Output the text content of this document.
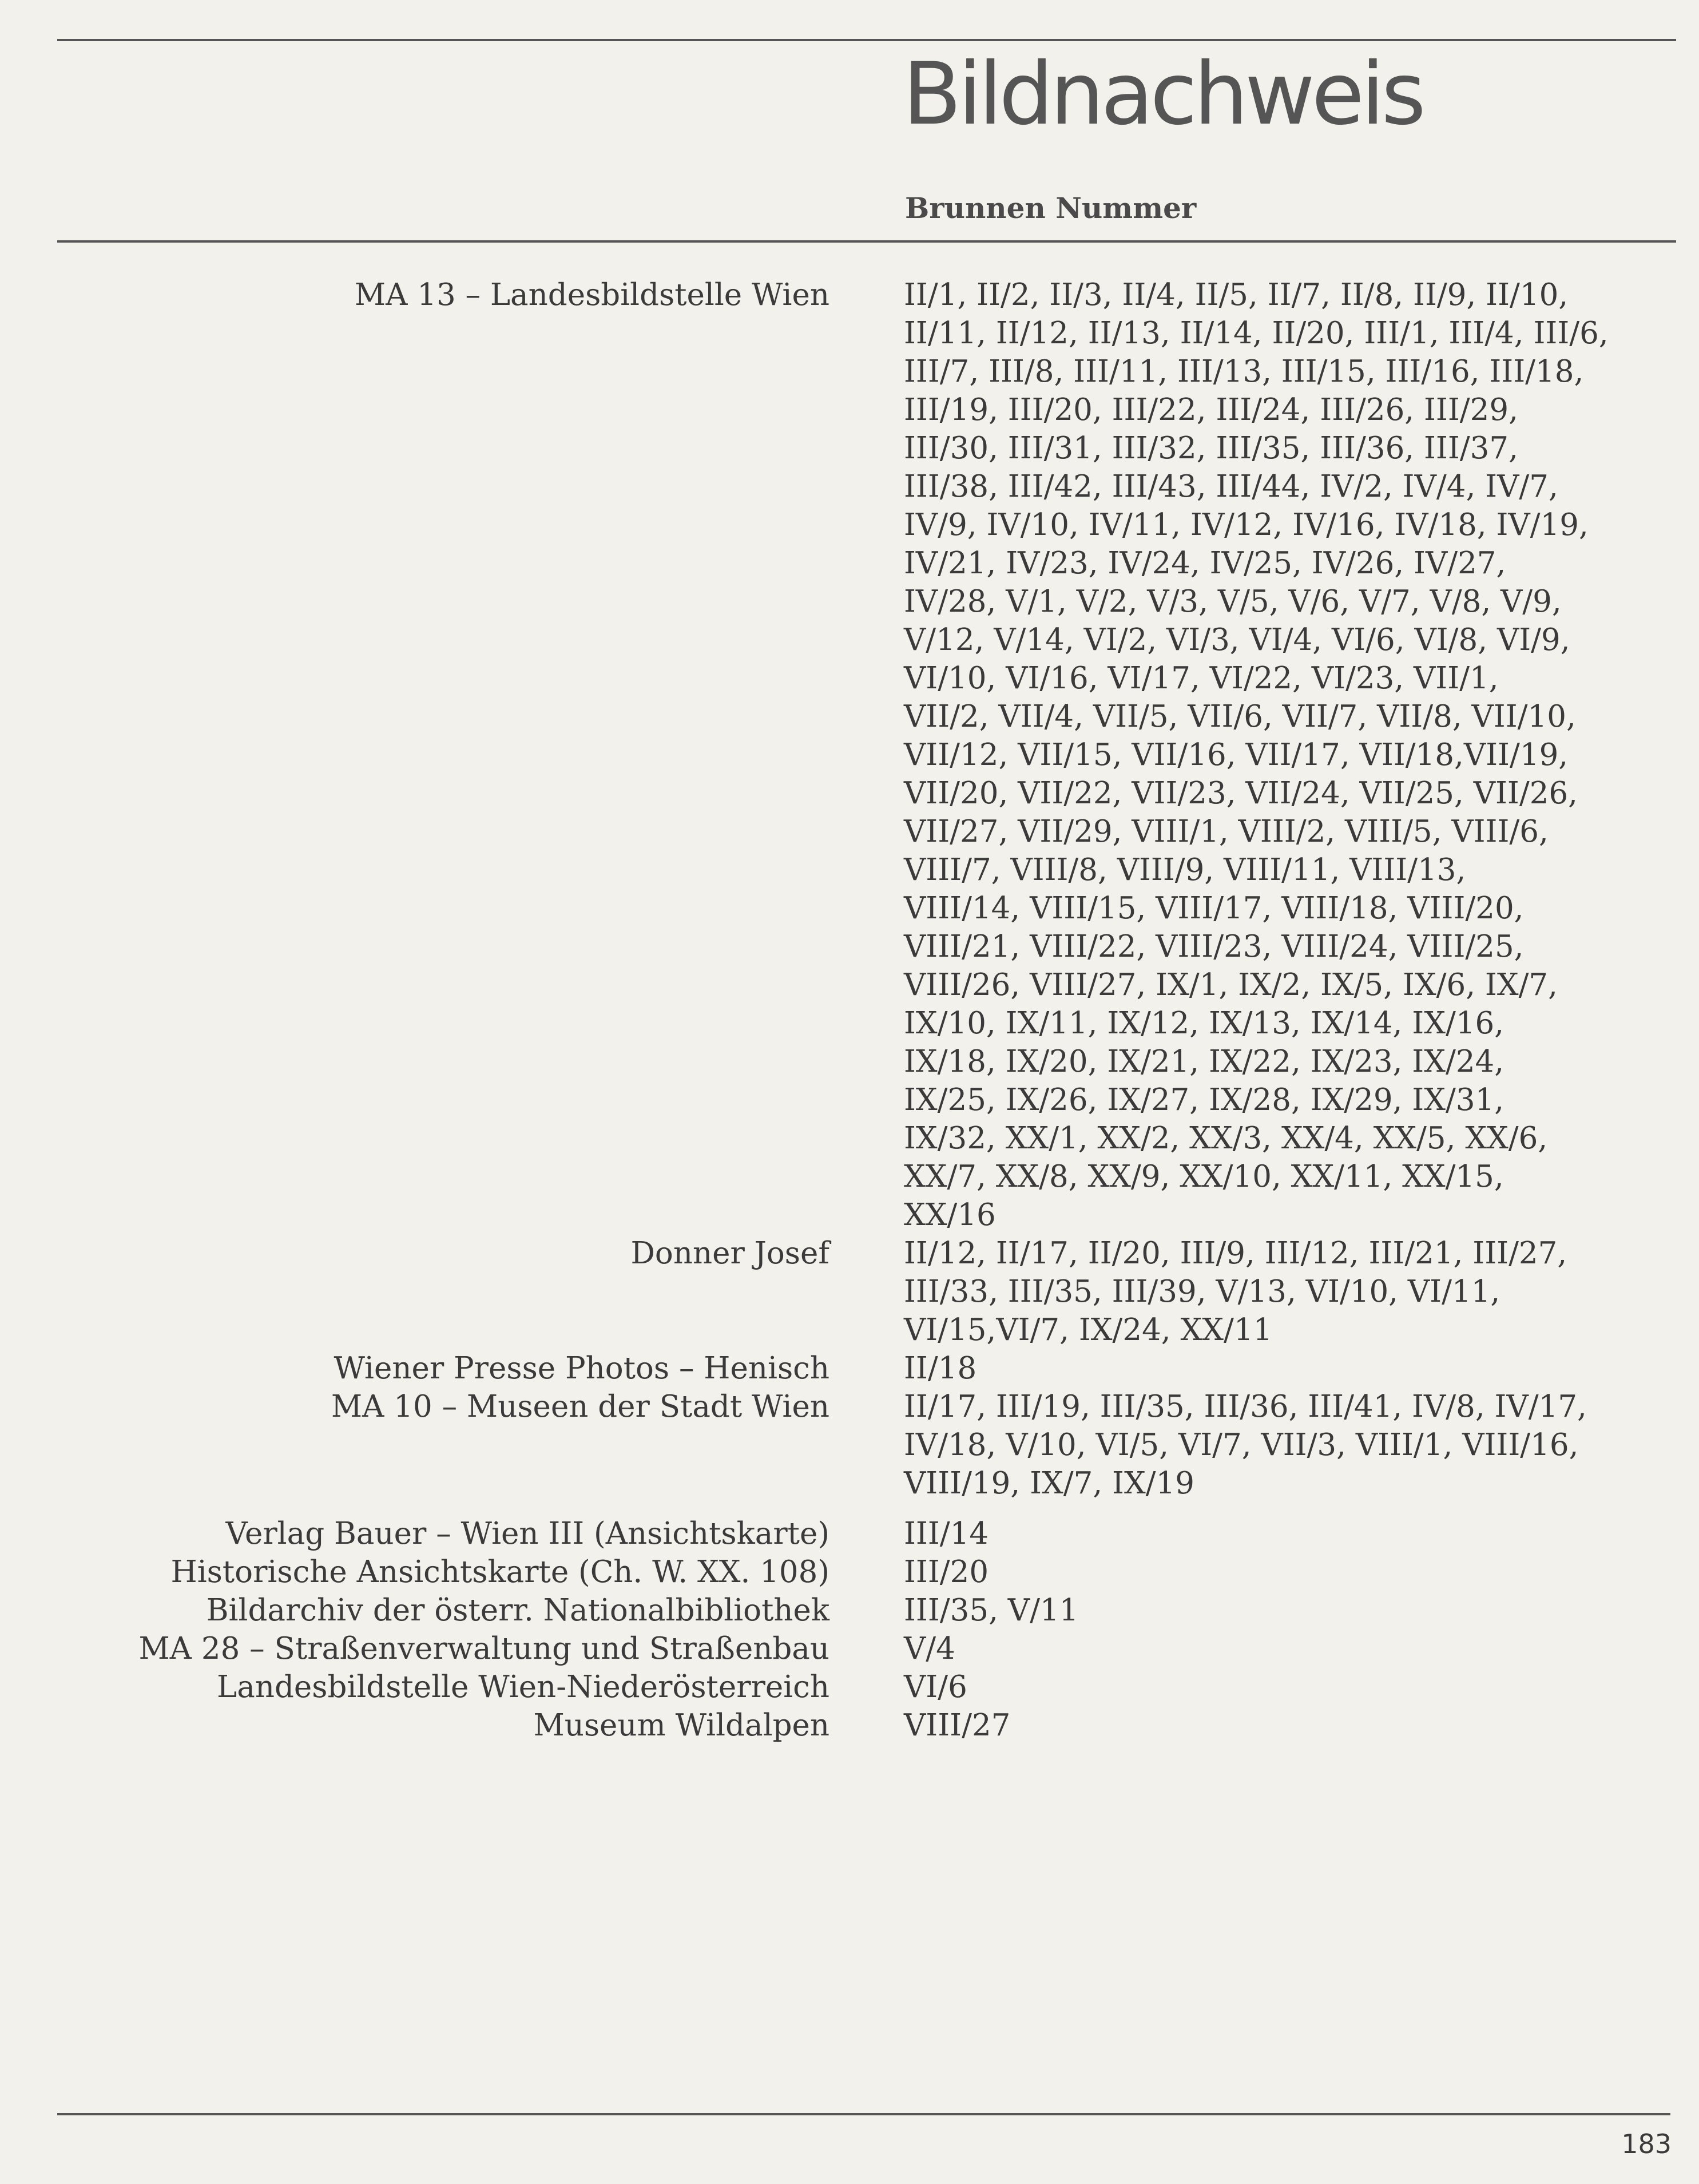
Bildnachweis
Brunnen Nummer
MA 13 – Landesbildstelle Wien II/1, II/2, II/3, II/4, II/5, II/7, II/8, II/9, II/10,
II/11, II/12, II/13, II/14, II/20, III/1, III/4, III/6,
III/7, III/8, III/11, III/13, III/15, III/16, III/18,
III/19, III/20, III/22, III/24, III/26, III/29,
III/30, III/31, III/32, III/35, III/36, III/37,
III/38, III/42, III/43, III/44, IV/2, IV/4, IV/7,
IV/9, IV/10, IV/11, IV/12, IV/16, IV/18, IV/19,
IV/21, IV/23, IV/24, IV/25, IV/26, IV/27,
IV/28, V/1, V/2, V/3, V/5, V/6, V/7, V/8, V/9,
V/12, V/14, VI/2, VI/3, VI/4, VI/6, VI/8, VI/9,
VI/10, VI/16, VI/17, VI/22, VI/23, VII/1,
VII/2, VII/4, VII/5, VII/6, VII/7, VII/8, VII/10,
VII/12, VII/15, VII/16, VII/17, VII/18,VII/19,
VII/20, VII/22, VII/23, VII/24, VII/25, VII/26,
VII/27, VII/29, VIII/1, VIII/2, VIII/5, VIII/6,
VIII/7, VIII/8, VIII/9, VIII/11, VIII/13,
VIII/14, VIII/15, VIII/17, VIII/18, VIII/20,
VIII/21, VIII/22, VIII/23, VIII/24, VIII/25,
VIII/26, VIII/27, IX/1, IX/2, IX/5, IX/6, IX/7,
IX/10, IX/11, IX/12, IX/13, IX/14, IX/16,
IX/18, IX/20, IX/21, IX/22, IX/23, IX/24,
IX/25, IX/26, IX/27, IX/28, IX/29, IX/31,
IX/32, XX/1, XX/2, XX/3, XX/4, XX/5, XX/6,
XX/7, XX/8, XX/9, XX/10, XX/11, XX/15,
XX/16
Donner Josef II/12, II/17, II/20, III/9, III/12, III/21, III/27,
III/33, III/35, III/39, V/13, VI/10, VI/11,
VI/15,VI/7, IX/24, XX/11
Wiener Presse Photos – Henisch II/18
MA 10 – Museen der Stadt Wien II/17, III/19, III/35, III/36, III/41, IV/8, IV/17,
IV/18, V/10, VI/5, VI/7, VII/3, VIII/1, VIII/16,
VIII/19, IX/7, IX/19
Verlag Bauer – Wien III (Ansichtskarte) III/14
Historische Ansichtskarte (Ch. W. XX. 108) III/20
Bildarchiv der österr. Nationalbibliothek III/35, V/11
MA 28 – Straßenverwaltung und Straßenbau V/4
Landesbildstelle Wien-Niederösterreich VI/6
Museum Wildalpen VIII/27
183
